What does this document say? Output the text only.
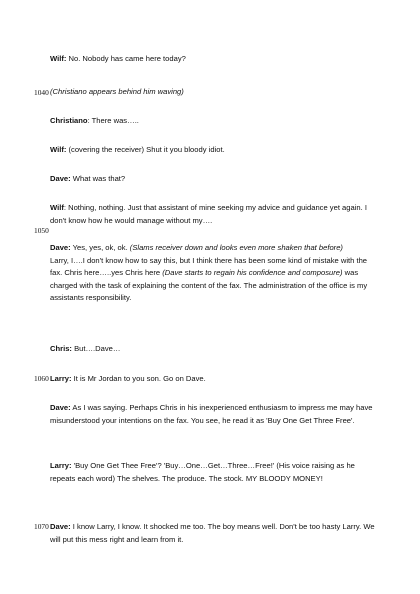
Wilf: No. Nobody has came here today?
1040 (Christiano appears behind him waving)
Christiano: There was…..
Wilf: (covering the receiver) Shut it you bloody idiot.
Dave: What was that?
Wilf: Nothing, nothing. Just that assistant of mine seeking my advice and guidance yet again. I don't know how he would manage without my….
1050
Dave: Yes, yes, ok, ok. (Slams receiver down and looks even more shaken that before)
Larry, I….I don't know how to say this, but I think there has been some kind of mistake with the fax. Chris here…..yes Chris here (Dave starts to regain his confidence and composure) was charged with the task of explaining the content of the fax. The administration of the office is my assistants responsibility.
Chris: But….Dave…
1060 Larry: It is Mr Jordan to you son. Go on Dave.
Dave: As I was saying. Perhaps Chris in his inexperienced enthusiasm to impress me may have misunderstood your intentions on the fax. You see, he read it as 'Buy One Get Three Free'.
Larry: 'Buy One Get Thee Free'? 'Buy…One…Get…Three…Free!' (His voice raising as he repeats each word) The shelves. The produce. The stock. MY BLOODY MONEY!
1070 Dave: I know Larry, I know. It shocked me too. The boy means well. Don't be too hasty Larry. We will put this mess right and learn from it.
